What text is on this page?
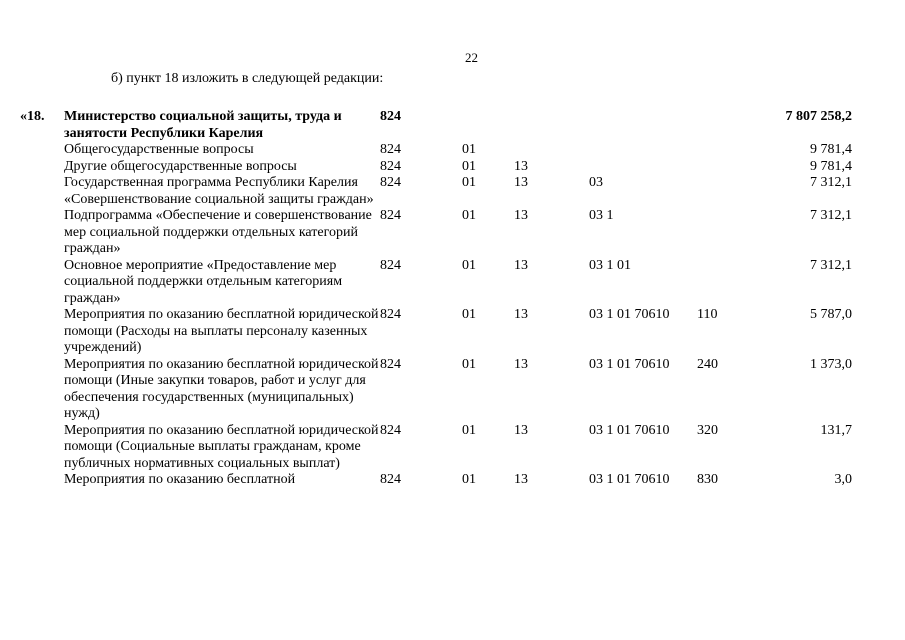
22
б) пункт 18 изложить в следующей редакции:
«18.	Министерство социальной защиты, труда и занятости Республики Карелия	824					7 807 258,2
	Общегосударственные вопросы	824	01				9 781,4
	Другие общегосударственные вопросы	824	01	13			9 781,4
	Государственная программа Республики Карелия «Совершенствование социальной защиты граждан»	824	01	13	03		7 312,1
	Подпрограмма «Обеспечение и совершенствование мер социальной поддержки отдельных категорий граждан»	824	01	13	03 1		7 312,1
	Основное мероприятие «Предоставление мер социальной поддержки отдельным категориям граждан»	824	01	13	03 1 01		7 312,1
	Мероприятия по оказанию бесплатной юридической помощи (Расходы на выплаты персоналу казенных учреждений)	824	01	13	03 1 01 70610	110	5 787,0
	Мероприятия по оказанию бесплатной юридической помощи (Иные закупки товаров, работ и услуг для обеспечения государственных (муниципальных) нужд)	824	01	13	03 1 01 70610	240	1 373,0
	Мероприятия по оказанию бесплатной юридической помощи (Социальные выплаты гражданам, кроме публичных нормативных социальных выплат)	824	01	13	03 1 01 70610	320	131,7
	Мероприятия по оказанию бесплатной	824	01	13	03 1 01 70610	830	3,0
